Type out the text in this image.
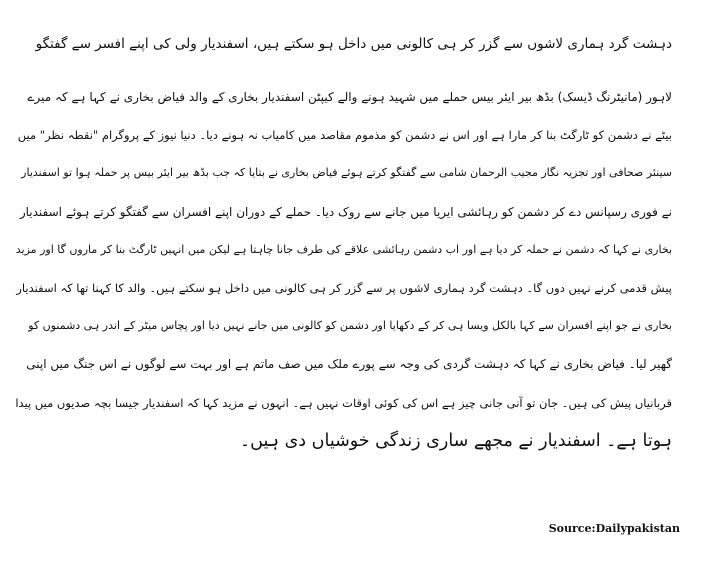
دہشت گرد ہماری لاشوں سے گزر کر ہی کالونی میں داخل ہو سکتے ہیں، اسفندیار ولی کی اپنے افسر سے گفتگو
لاہور (مانیٹرنگ ڈیسک) بڈھ بیر ایئر بیس حملے میں شہید ہونے والے کیپٹن اسفندیار بخاری کے والد فیاض بخاری نے کہا ہے کہ میرے
بیٹے نے دشمن کو ٹارگٹ بنا کر مارا ہے اور اس نے دشمن کو مذموم مقاصد میں کامیاب نہ ہونے دیا۔ دنیا نیوز کے پروگرام "نقطہ نظر" میں
سینئر صحافی اور تجزیہ نگار مجیب الرحمان شامی سے گفتگو کرتے ہوئے فیاض بخاری نے بتایا کہ جب بڈھ بیر ایئر بیس پر حملہ ہوا تو اسفندیار
نے فوری رسپانس دے کر دشمن کو رہائشی ایریا میں جانے سے روک دیا۔ حملے کے دوران اپنے افسران سے گفتگو کرتے ہوئے اسفندیار
بخاری نے کہا کہ دشمن نے حملہ کر دیا ہے اور اب دشمن رہائشی علاقے کی طرف جانا چاہتا ہے لیکن میں انہیں ٹارگٹ بنا کر ماروں گا اور مزید
پیش قدمی کرنے نہیں دوں گا۔ دہشت گرد ہماری لاشوں پر سے گزر کر ہی کالونی میں داخل ہو سکتے ہیں۔ والد کا کہنا تھا کہ اسفندیار
بخاری نے جو اپنے افسران سے کہا بالکل ویسا ہی کر کے دکھایا اور دشمن کو کالونی میں جانے نہیں دیا اور پچاس میٹر کے اندر ہی دشمنوں کو
گھیر لیا۔ فیاض بخاری نے کہا کہ دہشت گردی کی وجہ سے پورے ملک میں صف ماتم ہے اور بہت سے لوگوں نے اس جنگ میں اپنی
قربانیاں پیش کی ہیں۔ جان تو آنی جانی چیز ہے اس کی کوئی اوقات نہیں ہے۔ انہوں نے مزید کہا کہ اسفندیار جیسا بچہ صدیوں میں پیدا
ہوتا ہے۔ اسفندیار نے مجھے ساری زندگی خوشیاں دی ہیں۔
Source:Dailypakistan
